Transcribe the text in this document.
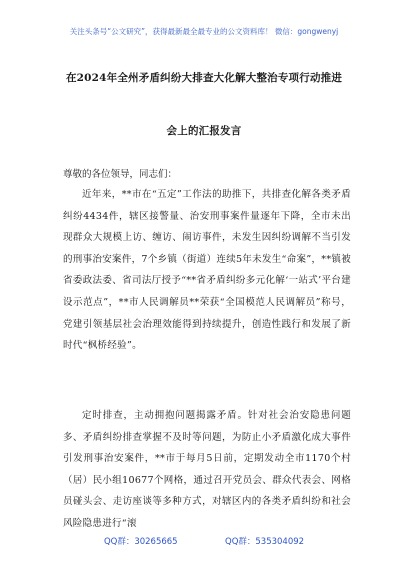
关注头条号“公文研究”，获得最新最全最专业的公文资料库！ 微信：gongwenyj
在2024年全州矛盾纠纷大排查大化解大整治专项行动推进
会上的汇报发言
尊敬的各位领导，同志们：
近年来，**市在“五定”工作法的助推下，共排查化解各类矛盾纠纷4434件，辖区接警量、治安刑事案件量逐年下降，全市未出现群众大规模上访、缠访、闹访事件，未发生因纠纷调解不当引发的刑事治安案件，7个乡镇（街道）连续5年未发生“命案”，**镇被省委政法委、省司法厅授予“**省矛盾纠纷多元化解‘一站式’平台建设示范点”，**市人民调解员**荣获“全国模范人民调解员”称号，党建引领基层社会治理效能得到持续提升，创造性践行和发展了新时代“枫桥经验”。
定时排查，主动拥抱问题揭露矛盾。针对社会治安隐患问题多、矛盾纠纷排查掌握不及时等问题，为防止小矛盾激化成大事件引发刑事治安案件，**市于每月5日前，定期发动全市1170个村（居）民小组10677个网格，通过召开党员会、群众代表会、网格员碰头会、走访座谈等多种方式，对辖区内的各类矛盾纠纷和社会风险隐患进行“滚
QQ群：30265665	QQ群：535304092
